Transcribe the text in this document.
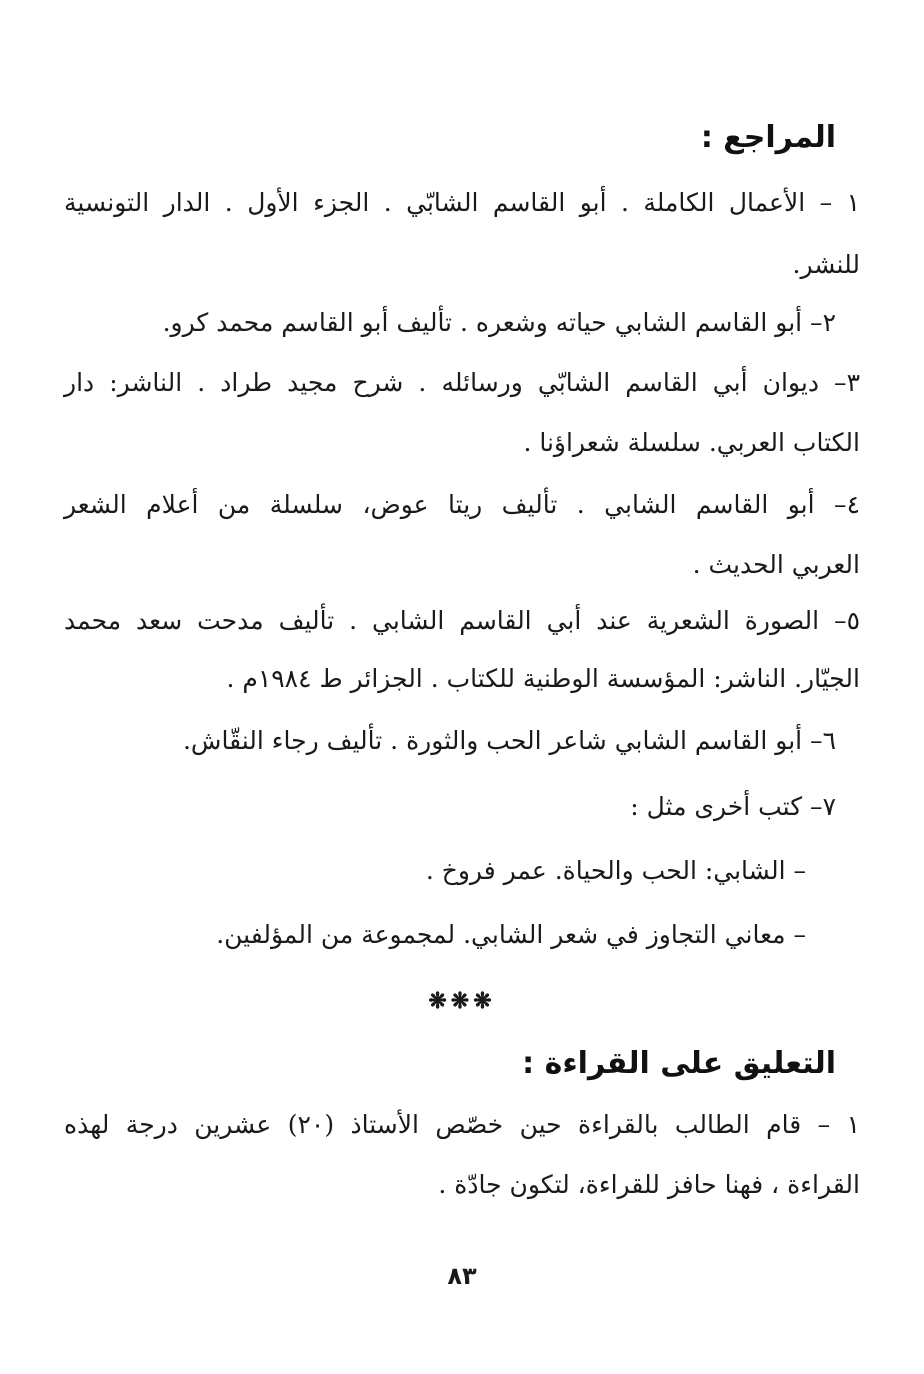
المراجع :
١ – الأعمال الكاملة . أبو القاسم الشابّي . الجزء الأول . الدار التونسية
للنشر.
٢– أبو القاسم الشابي حياته وشعره . تأليف أبو القاسم محمد كرو.
٣– ديوان أبي القاسم الشابّي ورسائله . شرح مجيد طراد . الناشر: دار
الكتاب العربي. سلسلة شعراؤنا .
٤– أبو القاسم الشابي . تأليف ريتا عوض، سلسلة من أعلام الشعر
العربي الحديث .
٥– الصورة الشعرية عند أبي القاسم الشابي . تأليف مدحت سعد محمد
الجيّار. الناشر: المؤسسة الوطنية للكتاب . الجزائر ط ١٩٨٤م .
٦– أبو القاسم الشابي شاعر الحب والثورة . تأليف رجاء النقّاش.
٧– كتب أخرى مثل :
– الشابي: الحب والحياة. عمر فروخ .
– معاني التجاوز في شعر الشابي. لمجموعة من المؤلفين.
❋❋❋
التعليق على القراءة :
١ – قام الطالب بالقراءة حين خصّص الأستاذ (٢٠) عشرين درجة لهذه
القراءة ، فهنا حافز للقراءة، لتكون جادّة .
٨٣
